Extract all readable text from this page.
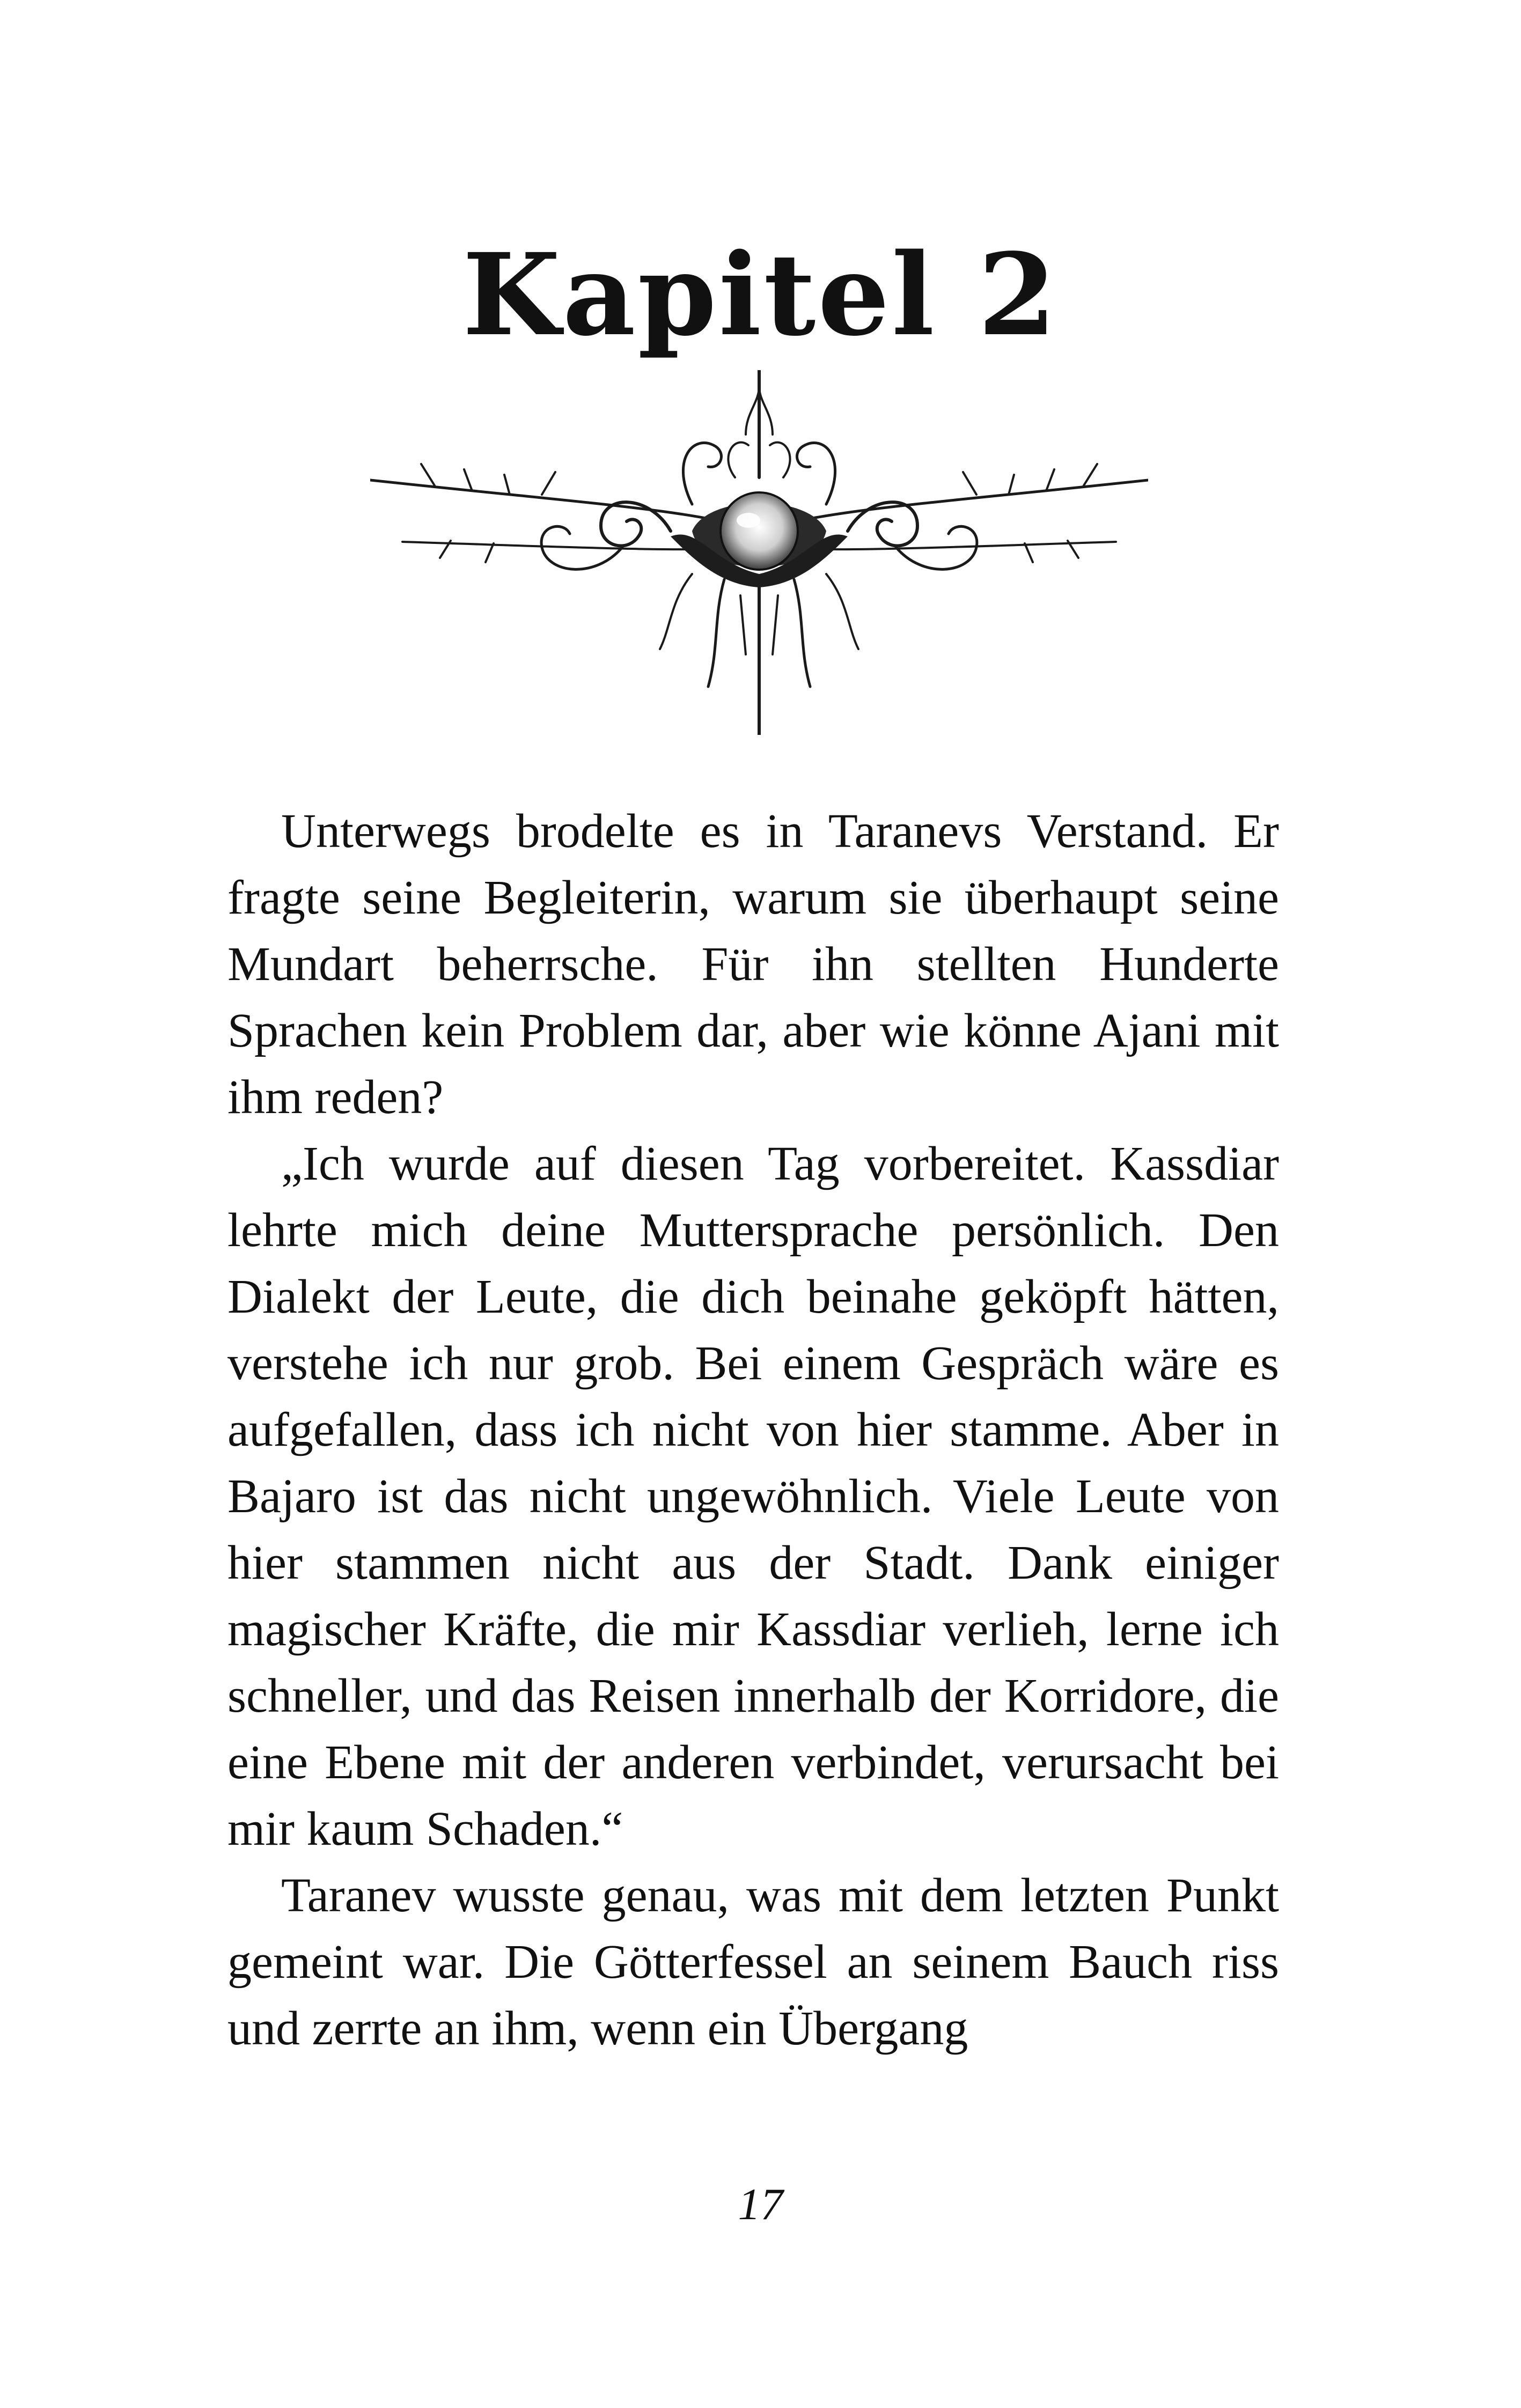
Kapitel 2

Unterwegs brodelte es in Taranevs Verstand. Er fragte seine Begleiterin, warum sie überhaupt seine Mundart beherrsche. Für ihn stellten Hunderte Sprachen kein Problem dar, aber wie könne Ajani mit ihm reden?

„Ich wurde auf diesen Tag vorbereitet. Kassdiar lehrte mich deine Muttersprache persönlich. Den Dialekt der Leute, die dich beinahe geköpft hätten, verstehe ich nur grob. Bei einem Gespräch wäre es aufgefallen, dass ich nicht von hier stamme. Aber in Bajaro ist das nicht ungewöhnlich. Viele Leute von hier stammen nicht aus der Stadt. Dank einiger magischer Kräfte, die mir Kassdiar verlieh, lerne ich schneller, und das Reisen innerhalb der Korridore, die eine Ebene mit der anderen verbindet, verursacht bei mir kaum Schaden.“

Taranev wusste genau, was mit dem letzten Punkt gemeint war. Die Götterfessel an seinem Bauch riss und zerrte an ihm, wenn ein Übergang

17
